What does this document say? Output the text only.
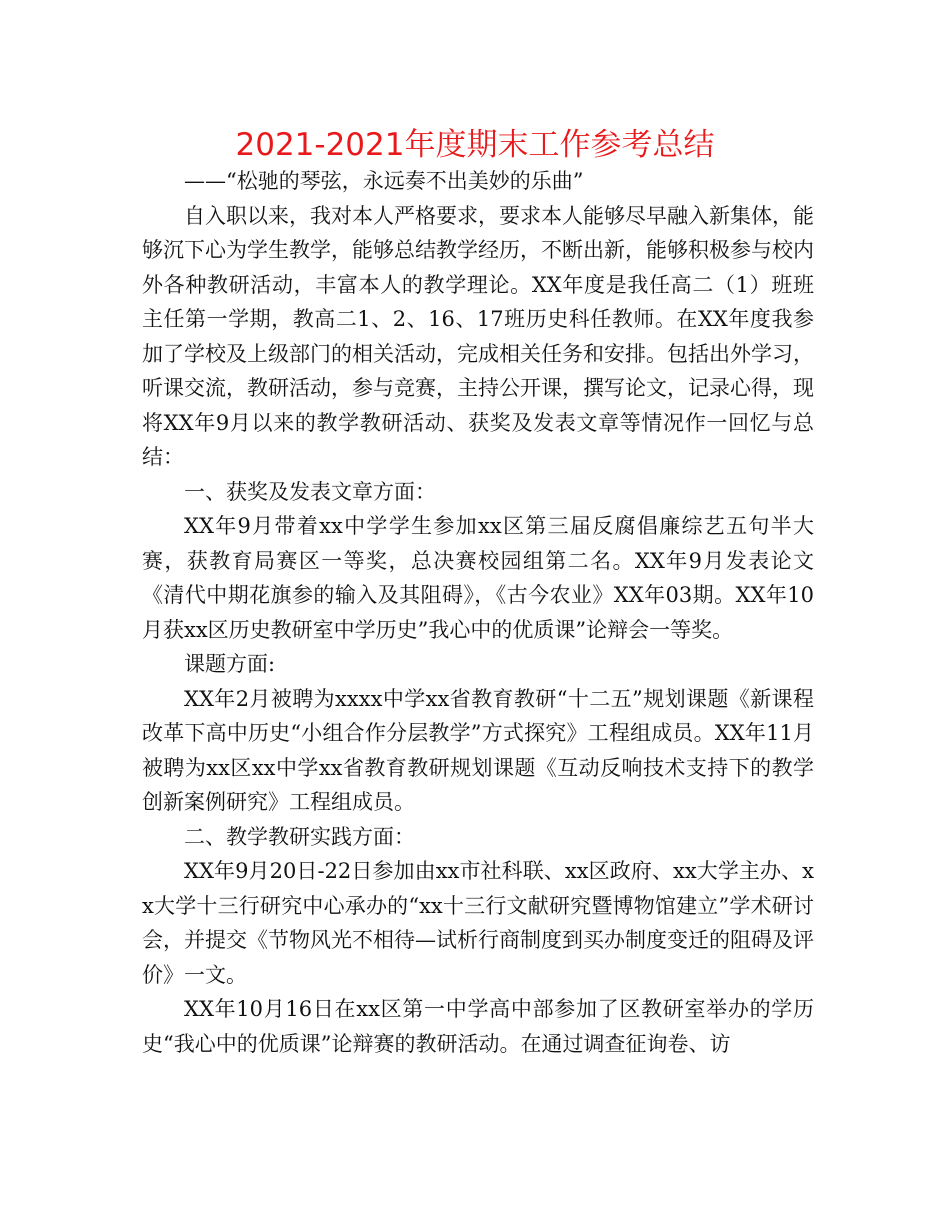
2021-2021年度期末工作参考总结

——“松驰的琴弦，永远奏不出美妙的乐曲”

自入职以来，我对本人严格要求，要求本人能够尽早融入新集体，能够沉下心为学生教学，能够总结教学经历，不断出新，能够积极参与校内外各种教研活动，丰富本人的教学理论。XX年度是我任高二（1）班班主任第一学期，教高二1、2、16、17班历史科任教师。在XX年度我参加了学校及上级部门的相关活动，完成相关任务和安排。包括出外学习，听课交流，教研活动，参与竞赛，主持公开课，撰写论文，记录心得，现将XX年9月以来的教学教研活动、获奖及发表文章等情况作一回忆与总结：

一、获奖及发表文章方面：

XX年9月带着xx中学学生参加xx区第三届反腐倡廉综艺五句半大赛，获教育局赛区一等奖，总决赛校园组第二名。XX年9月发表论文《清代中期花旗参的输入及其阻碍》，《古今农业》XX年03期。XX年10月获xx区历史教研室中学历史”我心中的优质课”论辩会一等奖。

课题方面:

XX年2月被聘为xxxx中学xx省教育教研“十二五”规划课题《新课程改革下高中历史“小组合作分层教学”方式探究》工程组成员。XX年11月被聘为xx区xx中学xx省教育教研规划课题《互动反响技术支持下的教学创新案例研究》工程组成员。

二、教学教研实践方面：

XX年9月20日-22日参加由xx市社科联、xx区政府、xx大学主办、xx大学十三行研究中心承办的“xx十三行文献研究暨博物馆建立”学术研讨会，并提交《节物风光不相待—试析行商制度到买办制度变迁的阻碍及评价》一文。

XX年10月16日在xx区第一中学高中部参加了区教研室举办的学历史“我心中的优质课”论辩赛的教研活动。在通过调查征询卷、访
